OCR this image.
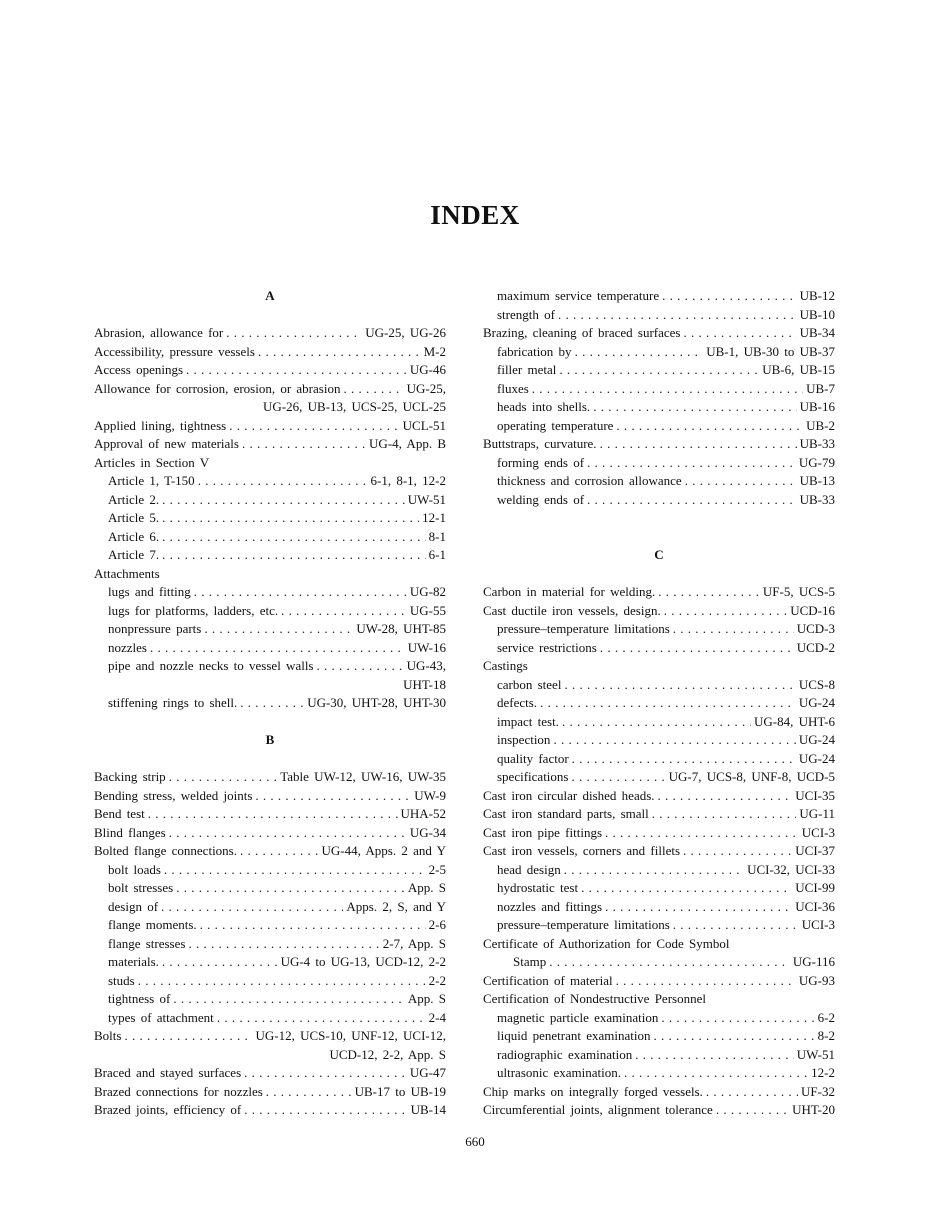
INDEX
A
Abrasion, allowance for . . .	UG-25, UG-26
Accessibility, pressure vessels . . .	M-2
Access openings . . .	UG-46
Allowance for corrosion, erosion, or abrasion . . .	UG-25,
UG-26, UB-13, UCS-25, UCL-25
Applied lining, tightness . . .	UCL-51
Approval of new materials . . .	UG-4, App. B
Articles in Section V
Article 1, T-150 . . .	6-1, 8-1, 12-2
Article 2. . . .	UW-51
Article 5. . . .	12-1
Article 6. . . .	8-1
Article 7. . . .	6-1
Attachments
lugs and fitting . . .	UG-82
lugs for platforms, ladders, etc. . . .	UG-55
nonpressure parts . . .	UW-28, UHT-85
nozzles . . .	UW-16
pipe and nozzle necks to vessel walls . . .	UG-43,
UHT-18
stiffening rings to shell. . . .	UG-30, UHT-28, UHT-30
B
Backing strip . . .	Table UW-12, UW-16, UW-35
Bending stress, welded joints . . .	UW-9
Bend test . . .	UHA-52
Blind flanges . . .	UG-34
Bolted flange connections. . . .	UG-44, Apps. 2 and Y
bolt loads . . .	2-5
bolt stresses . . .	App. S
design of . . .	Apps. 2, S, and Y
flange moments. . . .	2-6
flange stresses . . .	2-7, App. S
materials. . . .	UG-4 to UG-13, UCD-12, 2-2
studs . . .	2-2
tightness of . . .	App. S
types of attachment . . .	2-4
Bolts . . .	UG-12, UCS-10, UNF-12, UCI-12,
UCD-12, 2-2, App. S
Braced and stayed surfaces . . .	UG-47
Brazed connections for nozzles . . .	UB-17 to UB-19
Brazed joints, efficiency of . . .	UB-14
maximum service temperature . . .	UB-12
strength of . . .	UB-10
Brazing, cleaning of braced surfaces . . .	UB-34
fabrication by . . .	UB-1, UB-30 to UB-37
filler metal . . .	UB-6, UB-15
fluxes . . .	UB-7
heads into shells. . . .	UB-16
operating temperature . . .	UB-2
Buttstraps, curvature. . . .	UB-33
forming ends of . . .	UG-79
thickness and corrosion allowance . . .	UB-13
welding ends of . . .	UB-33
C
Carbon in material for welding. . . .	UF-5, UCS-5
Cast ductile iron vessels, design. . . .	UCD-16
pressure–temperature limitations . . .	UCD-3
service restrictions . . .	UCD-2
Castings
carbon steel . . .	UCS-8
defects. . . .	UG-24
impact test. . . .	UG-84, UHT-6
inspection . . .	UG-24
quality factor . . .	UG-24
specifications . . .	UG-7, UCS-8, UNF-8, UCD-5
Cast iron circular dished heads. . . .	UCI-35
Cast iron standard parts, small . . .	UG-11
Cast iron pipe fittings . . .	UCI-3
Cast iron vessels, corners and fillets . . .	UCI-37
head design . . .	UCI-32, UCI-33
hydrostatic test . . .	UCI-99
nozzles and fittings . . .	UCI-36
pressure–temperature limitations . . .	UCI-3
Certificate of Authorization for Code Symbol
Stamp . . .	UG-116
Certification of material . . .	UG-93
Certification of Nondestructive Personnel
magnetic particle examination . . .	6-2
liquid penetrant examination . . .	8-2
radiographic examination . . .	UW-51
ultrasonic examination. . . .	12-2
Chip marks on integrally forged vessels. . . .	UF-32
Circumferential joints, alignment tolerance . . .	UHT-20
660
